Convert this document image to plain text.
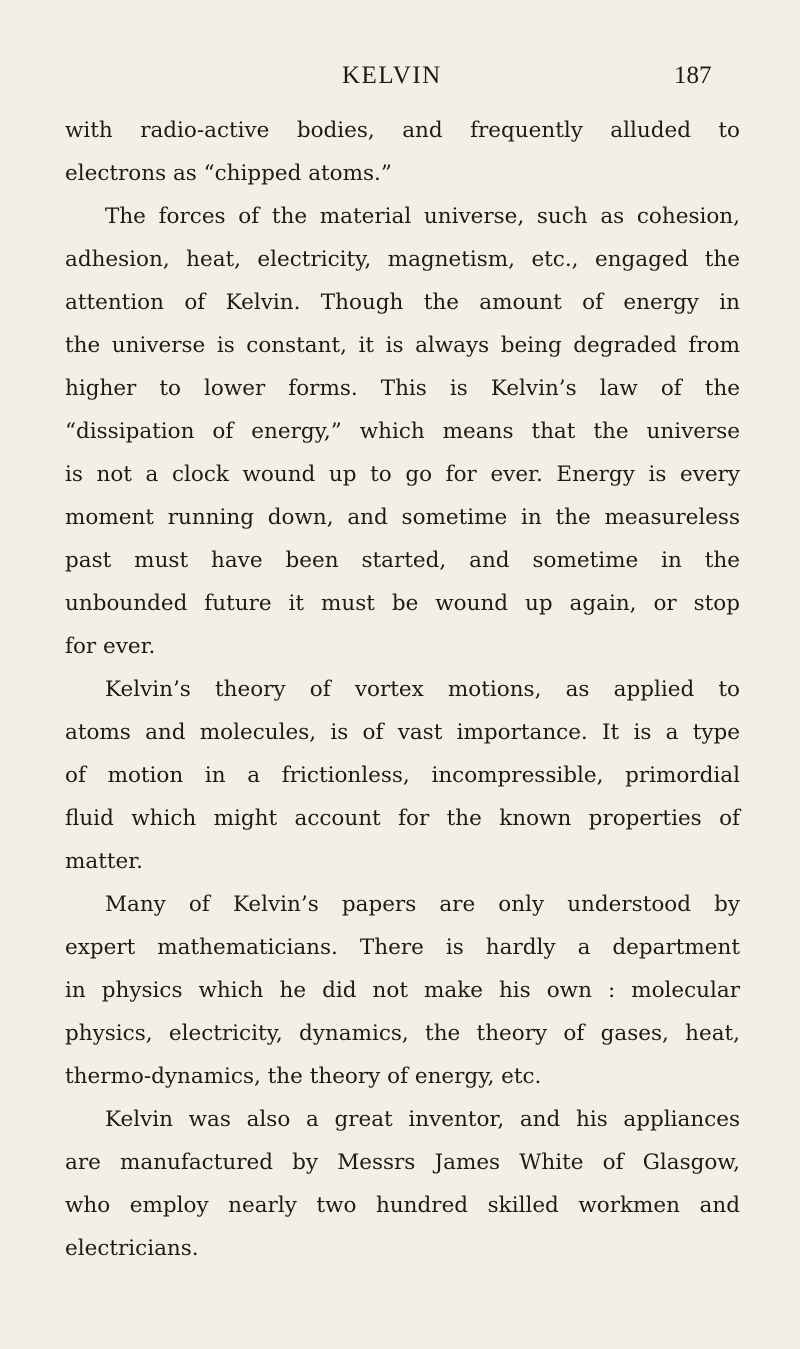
KELVIN	187
with radio-active bodies, and frequently alluded to
electrons as “chipped atoms.”
The forces of the material universe, such as cohesion,
adhesion, heat, electricity, magnetism, etc., engaged the
attention of Kelvin. Though the amount of energy in
the universe is constant, it is always being degraded from
higher to lower forms. This is Kelvin’s law of the
“dissipation of energy,” which means that the universe
is not a clock wound up to go for ever. Energy is every
moment running down, and sometime in the measureless
past must have been started, and sometime in the
unbounded future it must be wound up again, or stop
for ever.
Kelvin’s theory of vortex motions, as applied to
atoms and molecules, is of vast importance. It is a type
of motion in a frictionless, incompressible, primordial
fluid which might account for the known properties of
matter.
Many of Kelvin’s papers are only understood by
expert mathematicians. There is hardly a department
in physics which he did not make his own : molecular
physics, electricity, dynamics, the theory of gases, heat,
thermo-dynamics, the theory of energy, etc.
Kelvin was also a great inventor, and his appliances
are manufactured by Messrs James White of Glasgow,
who employ nearly two hundred skilled workmen and
electricians.
